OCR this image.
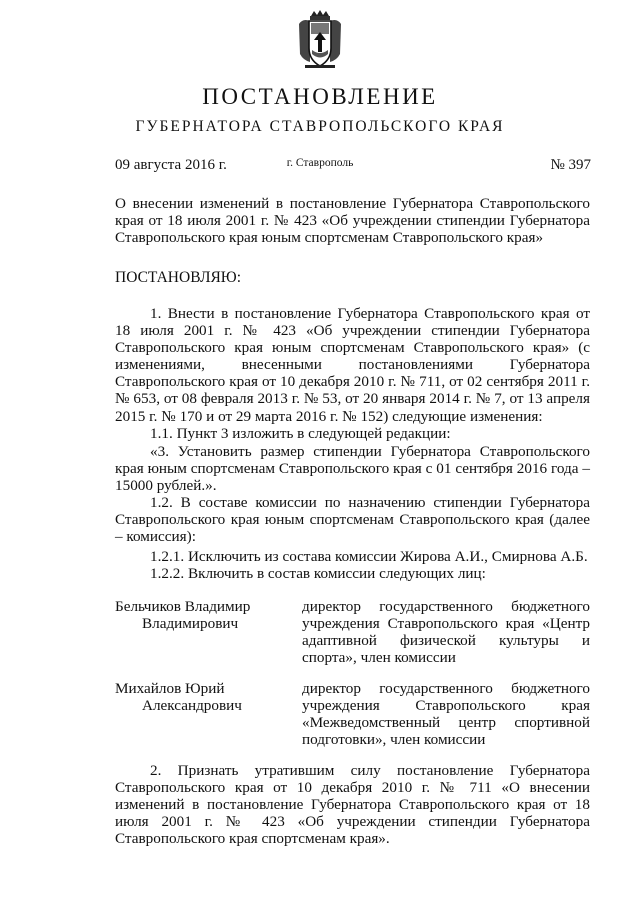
ПОСТАНОВЛЕНИЕ
ГУБЕРНАТОРА СТАВРОПОЛЬСКОГО КРАЯ
09 августа 2016 г.	г. Ставрополь	№ 397
О внесении изменений в постановление Губернатора Ставропольского края от 18 июля 2001 г. № 423 «Об учреждении стипендии Губернатора Ставропольского края юным спортсменам Ставропольского края»
ПОСТАНОВЛЯЮ:
1. Внести в постановление Губернатора Ставропольского края от 18 июля 2001 г. № 423 «Об учреждении стипендии Губернатора Ставропольского края юным спортсменам Ставропольского края» (с изменениями, внесенными постановлениями Губернатора Ставропольского края от 10 декабря 2010 г. № 711, от 02 сентября 2011 г. № 653, от 08 февраля 2013 г. № 53, от 20 января 2014 г. № 7, от 13 апреля 2015 г. № 170 и от 29 марта 2016 г. № 152) следующие изменения:
1.1. Пункт 3 изложить в следующей редакции:
«3. Установить размер стипендии Губернатора Ставропольского края юным спортсменам Ставропольского края с 01 сентября 2016 года – 15000 рублей.».
1.2. В составе комиссии по назначению стипендии Губернатора Ставропольского края юным спортсменам Ставропольского края (далее – комиссия):
1.2.1. Исключить из состава комиссии Жирова А.И., Смирнова А.Б.
1.2.2. Включить в состав комиссии следующих лиц:
Бельчиков Владимир
Владимирович
директор государственного бюджетного учреждения Ставропольского края «Центр адаптивной физической культуры и спорта», член комиссии
Михайлов Юрий
Александрович
директор государственного бюджетного учреждения Ставропольского края «Межведомственный центр спортивной подготовки», член комиссии
2. Признать утратившим силу постановление Губернатора Ставропольского края от 10 декабря 2010 г. № 711 «О внесении изменений в постановление Губернатора Ставропольского края от 18 июля 2001 г. № 423 «Об учреждении стипендии Губернатора Ставропольского края спортсменам края».
